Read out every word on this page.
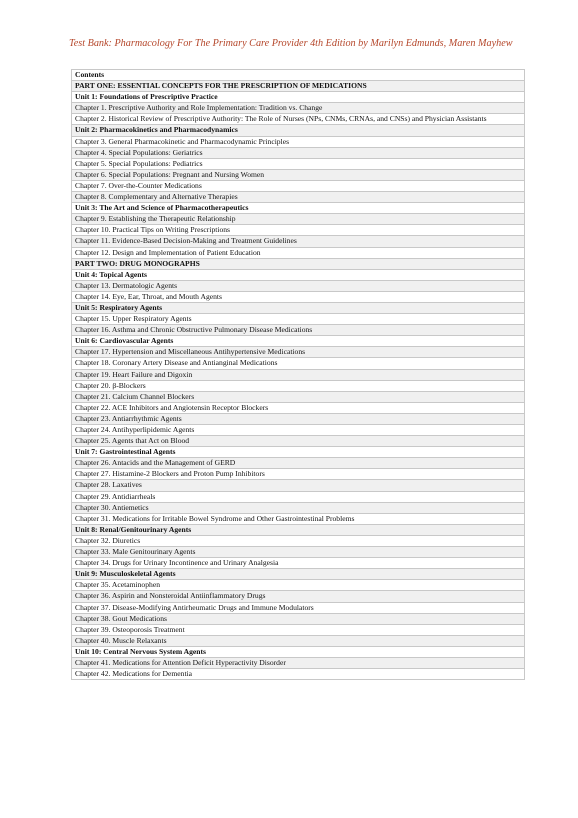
Test Bank: Pharmacology For The Primary Care Provider 4th Edition by Marilyn Edmunds, Maren Mayhew
Contents
PART ONE: ESSENTIAL CONCEPTS FOR THE PRESCRIPTION OF MEDICATIONS
Unit 1: Foundations of Prescriptive Practice
Chapter 1. Prescriptive Authority and Role Implementation: Tradition vs. Change
Chapter 2. Historical Review of Prescriptive Authority: The Role of Nurses (NPs, CNMs, CRNAs, and CNSs) and Physician Assistants
Unit 2: Pharmacokinetics and Pharmacodynamics
Chapter 3. General Pharmacokinetic and Pharmacodynamic Principles
Chapter 4. Special Populations: Geriatrics
Chapter 5. Special Populations: Pediatrics
Chapter 6. Special Populations: Pregnant and Nursing Women
Chapter 7. Over-the-Counter Medications
Chapter 8. Complementary and Alternative Therapies
Unit 3: The Art and Science of Pharmacotherapeutics
Chapter 9. Establishing the Therapeutic Relationship
Chapter 10. Practical Tips on Writing Prescriptions
Chapter 11. Evidence-Based Decision-Making and Treatment Guidelines
Chapter 12. Design and Implementation of Patient Education
PART TWO: DRUG MONOGRAPHS
Unit 4: Topical Agents
Chapter 13. Dermatologic Agents
Chapter 14. Eye, Ear, Throat, and Mouth Agents
Unit 5: Respiratory Agents
Chapter 15. Upper Respiratory Agents
Chapter 16. Asthma and Chronic Obstructive Pulmonary Disease Medications
Unit 6: Cardiovascular Agents
Chapter 17. Hypertension and Miscellaneous Antihypertensive Medications
Chapter 18. Coronary Artery Disease and Antianginal Medications
Chapter 19. Heart Failure and Digoxin
Chapter 20. β-Blockers
Chapter 21. Calcium Channel Blockers
Chapter 22. ACE Inhibitors and Angiotensin Receptor Blockers
Chapter 23. Antiarrhythmic Agents
Chapter 24. Antihyperlipidemic Agents
Chapter 25. Agents that Act on Blood
Unit 7: Gastrointestinal Agents
Chapter 26. Antacids and the Management of GERD
Chapter 27. Histamine-2 Blockers and Proton Pump Inhibitors
Chapter 28. Laxatives
Chapter 29. Antidiarrheals
Chapter 30. Antiemetics
Chapter 31. Medications for Irritable Bowel Syndrome and Other Gastrointestinal Problems
Unit 8: Renal/Genitourinary Agents
Chapter 32. Diuretics
Chapter 33. Male Genitourinary Agents
Chapter 34. Drugs for Urinary Incontinence and Urinary Analgesia
Unit 9: Musculoskeletal Agents
Chapter 35. Acetaminophen
Chapter 36. Aspirin and Nonsteroidal Antiinflammatory Drugs
Chapter 37. Disease-Modifying Antirheumatic Drugs and Immune Modulators
Chapter 38. Gout Medications
Chapter 39. Osteoporosis Treatment
Chapter 40. Muscle Relaxants
Unit 10: Central Nervous System Agents
Chapter 41. Medications for Attention Deficit Hyperactivity Disorder
Chapter 42. Medications for Dementia
